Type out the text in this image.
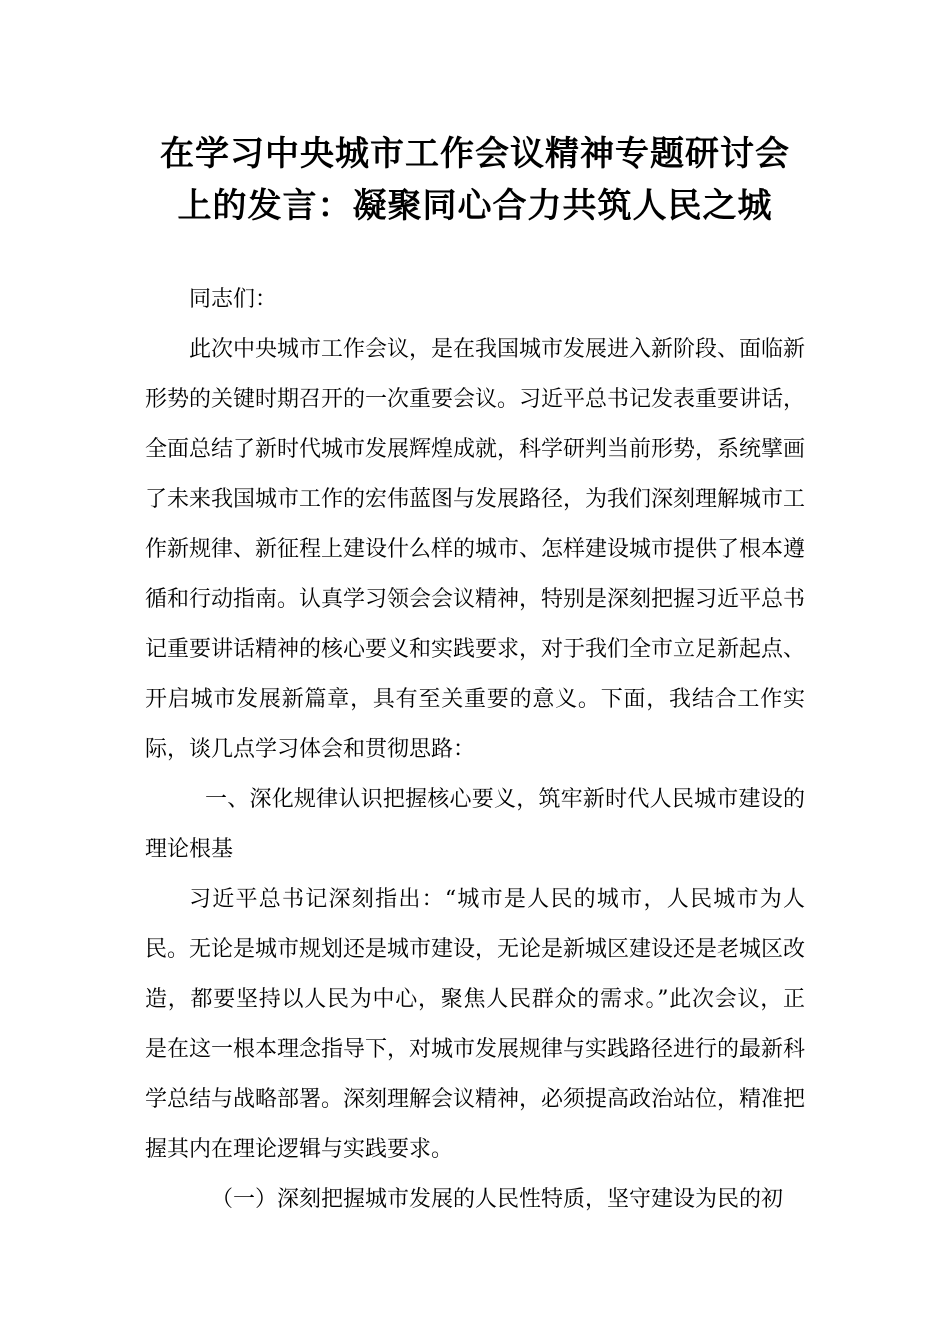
在学习中央城市工作会议精神专题研讨会
上的发言：凝聚同心合力共筑人民之城

同志们：

此次中央城市工作会议，是在我国城市发展进入新阶段、面临新形势的关键时期召开的一次重要会议。习近平总书记发表重要讲话，全面总结了新时代城市发展辉煌成就，科学研判当前形势，系统擘画了未来我国城市工作的宏伟蓝图与发展路径，为我们深刻理解城市工作新规律、新征程上建设什么样的城市、怎样建设城市提供了根本遵循和行动指南。认真学习领会会议精神，特别是深刻把握习近平总书记重要讲话精神的核心要义和实践要求，对于我们全市立足新起点、开启城市发展新篇章，具有至关重要的意义。下面，我结合工作实际，谈几点学习体会和贯彻思路：

一、深化规律认识把握核心要义，筑牢新时代人民城市建设的理论根基

习近平总书记深刻指出：“城市是人民的城市，人民城市为人民。无论是城市规划还是城市建设，无论是新城区建设还是老城区改造，都要坚持以人民为中心，聚焦人民群众的需求。”此次会议，正是在这一根本理念指导下，对城市发展规律与实践路径进行的最新科学总结与战略部署。深刻理解会议精神，必须提高政治站位，精准把握其内在理论逻辑与实践要求。

（一）深刻把握城市发展的人民性特质，坚守建设为民的初
